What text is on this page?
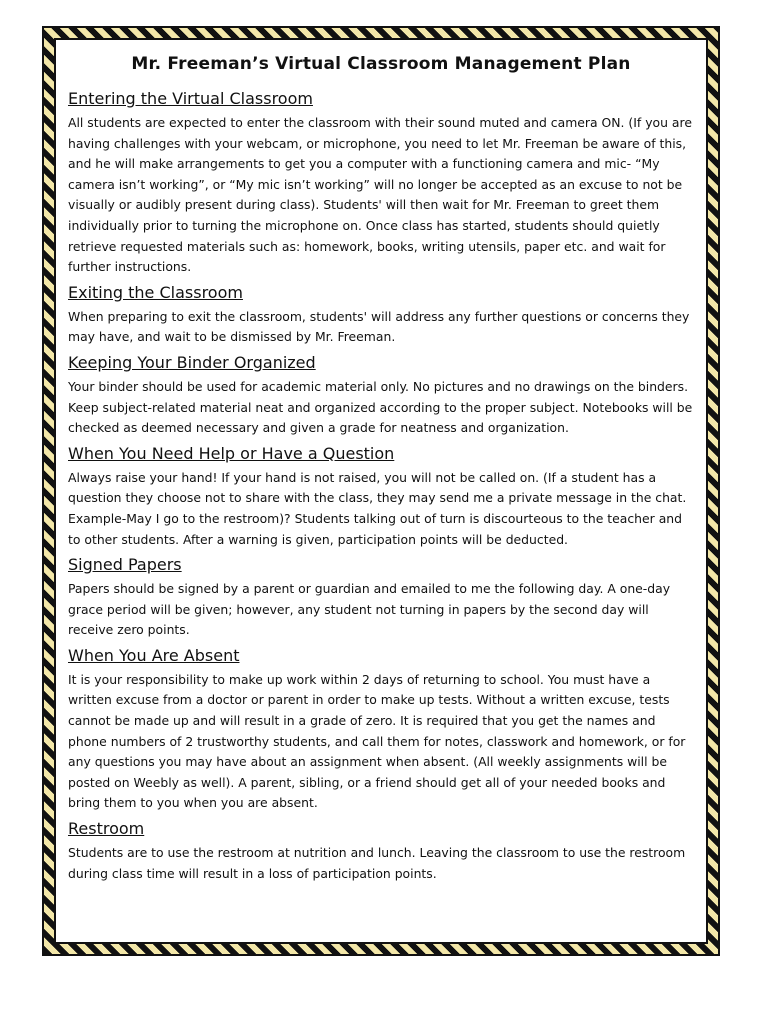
Mr. Freeman’s Virtual Classroom Management Plan
Entering the Virtual Classroom

All students are expected to enter the classroom with their sound muted and camera ON. (If you are having challenges with your webcam, or microphone, you need to let Mr. Freeman be aware of this, and he will make arrangements to get you a computer with a functioning camera and mic- “My camera isn’t working”, or “My mic isn’t working” will no longer be accepted as an excuse to not be visually or audibly present during class). Students' will then wait for Mr. Freeman to greet them individually prior to turning the microphone on. Once class has started, students should quietly retrieve requested materials such as: homework, books, writing utensils, paper etc. and wait for further instructions.

Exiting the Classroom

When preparing to exit the classroom, students' will address any further questions or concerns they may have, and wait to be dismissed by Mr. Freeman.

Keeping Your Binder Organized

Your binder should be used for academic material only. No pictures and no drawings on the binders. Keep subject-related material neat and organized according to the proper subject. Notebooks will be checked as deemed necessary and given a grade for neatness and organization.

When You Need Help or Have a Question

Always raise your hand! If your hand is not raised, you will not be called on. (If a student has a question they choose not to share with the class, they may send me a private message in the chat. Example-May I go to the restroom)? Students talking out of turn is discourteous to the teacher and to other students. After a warning is given, participation points will be deducted.

Signed Papers

Papers should be signed by a parent or guardian and emailed to me the following day. A one-day grace period will be given; however, any student not turning in papers by the second day will receive zero points.

When You Are Absent

It is your responsibility to make up work within 2 days of returning to school. You must have a written excuse from a doctor or parent in order to make up tests. Without a written excuse, tests cannot be made up and will result in a grade of zero. It is required that you get the names and phone numbers of 2 trustworthy students, and call them for notes, classwork and homework, or for any questions you may have about an assignment when absent. (All weekly assignments will be posted on Weebly as well). A parent, sibling, or a friend should get all of your needed books and bring them to you when you are absent.

Restroom

Students are to use the restroom at nutrition and lunch. Leaving the classroom to use the restroom during class time will result in a loss of participation points.
